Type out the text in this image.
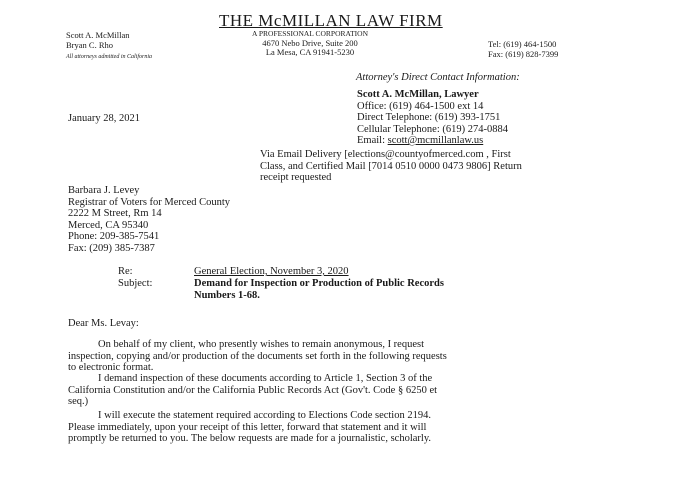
Scott A. McMillan
Bryan C. Rho
All attorneys admitted in California
THE McMILLAN LAW FIRM
A PROFESSIONAL CORPORATION
4670 Nebo Drive, Suite 200
La Mesa, CA 91941-5230
Tel: (619) 464-1500
Fax: (619) 828-7399
Attorney's Direct Contact Information:
Scott A. McMillan, Lawyer
Office: (619) 464-1500 ext 14
Direct Telephone: (619) 393-1751
Cellular Telephone: (619) 274-0884
Email: scott@mcmillanlaw.us
January 28, 2021
Via Email Delivery [elections@countyofmerced.com , First
Class, and Certified Mail [7014 0510 0000 0473 9806] Return
receipt requested
Barbara J. Levey
Registrar of Voters for Merced County
2222 M Street, Rm 14
Merced, CA 95340
Phone: 209-385-7541
Fax: (209) 385-7387
Re:	General Election, November 3, 2020
Subject:	Demand for Inspection or Production of Public Records
Numbers 1-68.
Dear Ms. Levay:
On behalf of my client, who presently wishes to remain anonymous, I request
inspection, copying and/or production of the documents set forth in the following requests
to electronic format.
I demand inspection of these documents according to Article 1, Section 3 of the
California Constitution and/or the California Public Records Act (Gov't. Code § 6250 et
seq.)
I will execute the statement required according to Elections Code section 2194.
Please immediately, upon your receipt of this letter, forward that statement and it will
promptly be returned to you. The below requests are made for a journalistic, scholarly.
